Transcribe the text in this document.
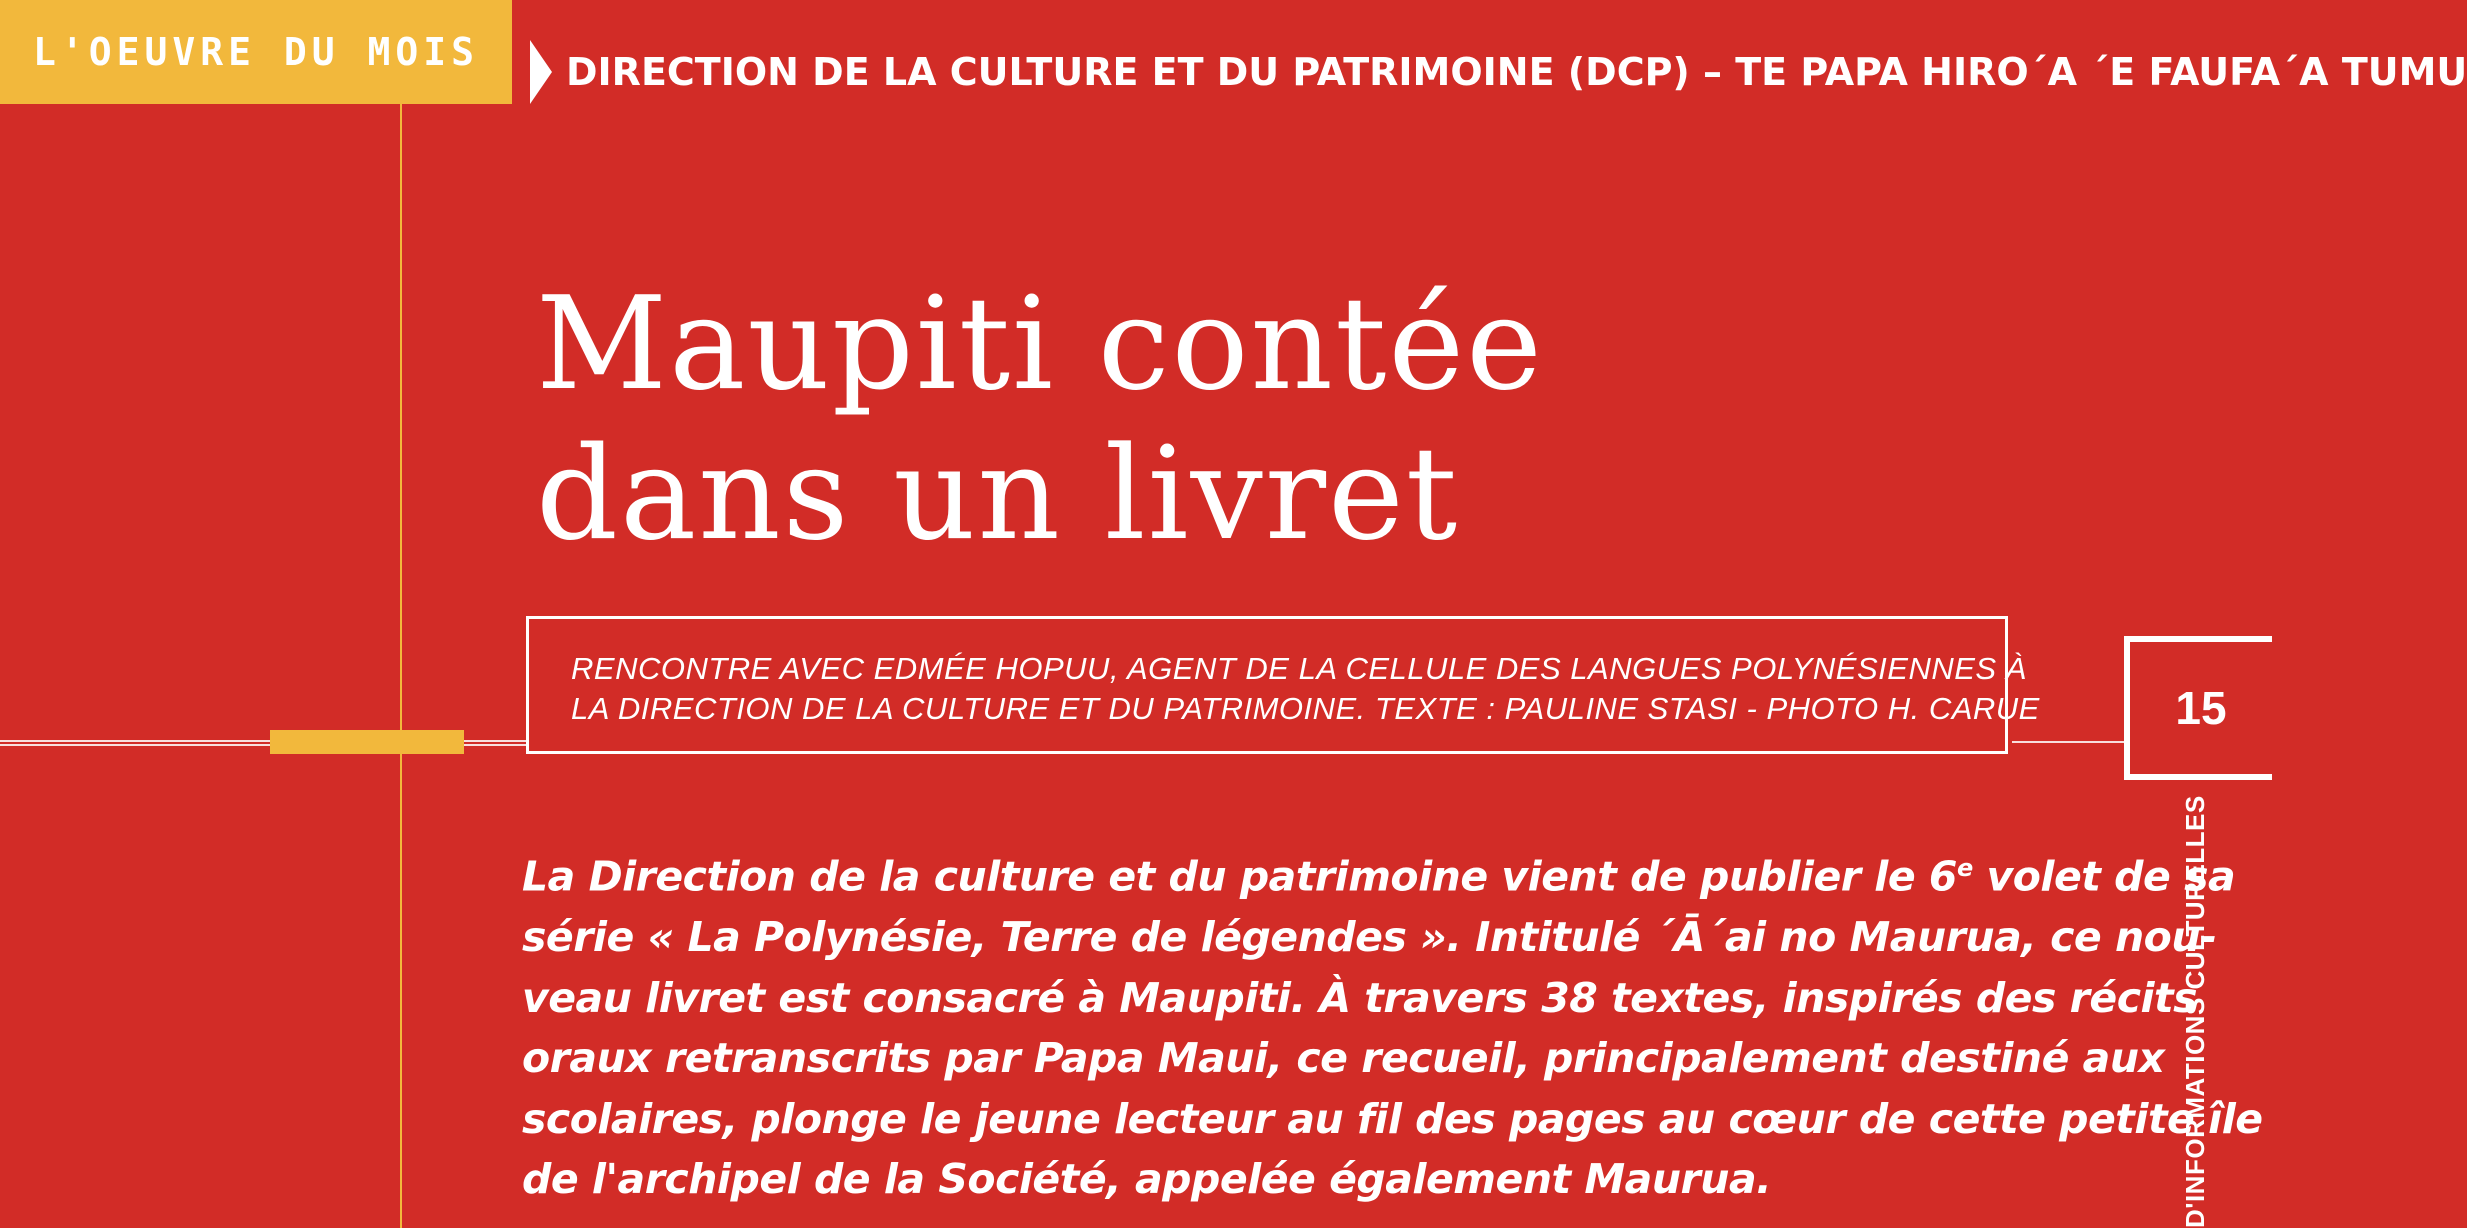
L'OEUVRE DU MOIS DIRECTION DE LA CULTURE ET DU PATRIMOINE (DCP) – TE PAPA HIRO´A ´E FAUFA´A TUMU
Maupiti contée
dans un livret
RENCONTRE AVEC EDMÉE HOPUU, AGENT DE LA CELLULE DES LANGUES POLYNÉSIENNES À
LA DIRECTION DE LA CULTURE ET DU PATRIMOINE. TEXTE : PAULINE STASI - PHOTO H. CARUE	15
D'INFORMATIONS CULTURELLES
La Direction de la culture et du patrimoine vient de publier le 6e volet de sa
série « La Polynésie, Terre de légendes ». Intitulé ´Ā´ai no Maurua, ce nou-
veau livret est consacré à Maupiti. À travers 38 textes, inspirés des récits
oraux retranscrits par Papa Maui, ce recueil, principalement destiné aux
scolaires, plonge le jeune lecteur au fil des pages au cœur de cette petite île
de l'archipel de la Société, appelée également Maurua.
